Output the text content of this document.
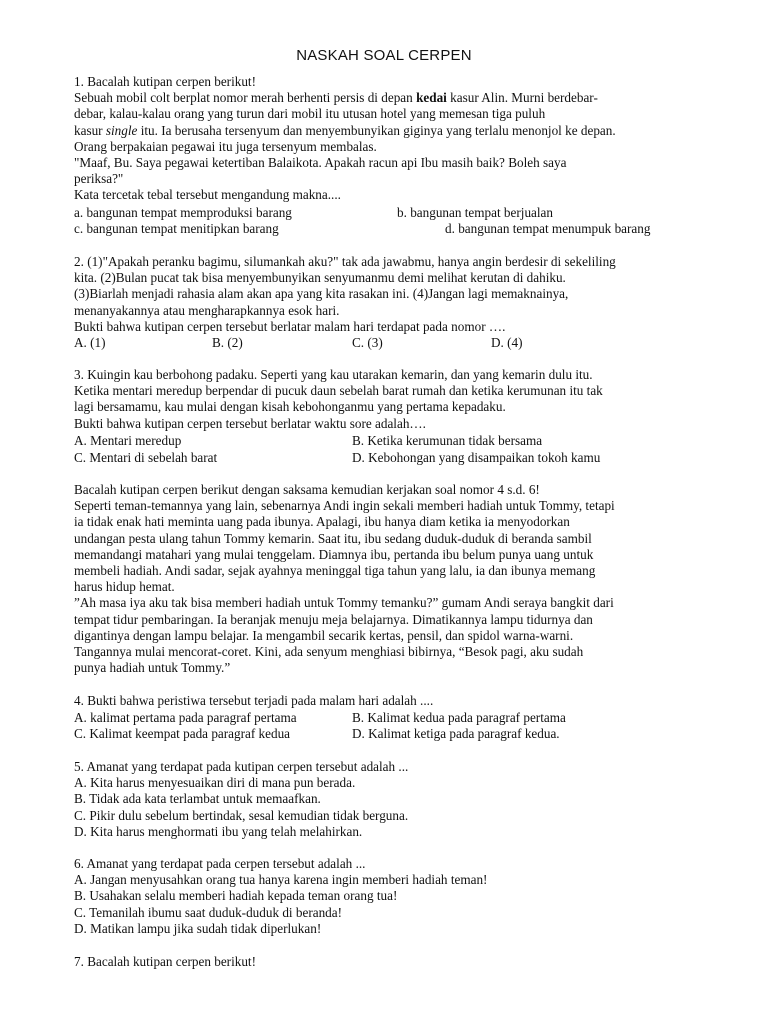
NASKAH SOAL CERPEN
1. Bacalah kutipan cerpen berikut!
Sebuah mobil colt berplat nomor merah berhenti persis di depan kedai kasur Alin. Murni berdebar-
debar, kalau-kalau orang yang turun dari mobil itu utusan hotel yang memesan tiga puluh
kasur single itu. Ia berusaha tersenyum dan menyembunyikan giginya yang terlalu menonjol ke depan.
Orang berpakaian pegawai itu juga tersenyum membalas.
"Maaf, Bu. Saya pegawai ketertiban Balaikota. Apakah racun api Ibu masih baik? Boleh saya
periksa?"
Kata tercetak tebal tersebut mengandung makna....
a. bangunan tempat memproduksi barang	b. bangunan tempat berjualan
c. bangunan tempat menitipkan barang	d. bangunan tempat menumpuk barang
2. (1)"Apakah peranku bagimu, silumankah aku?" tak ada jawabmu, hanya angin berdesir di sekeliling
kita. (2)Bulan pucat tak bisa menyembunyikan senyumanmu demi melihat kerutan di dahiku.
(3)Biarlah menjadi rahasia alam akan apa yang kita rasakan ini. (4)Jangan lagi memaknainya,
menanyakannya atau mengharapkannya esok hari.
Bukti bahwa kutipan cerpen tersebut berlatar malam hari terdapat pada nomor ….
A. (1)	B. (2)	C. (3)	D. (4)
3. Kuingin kau berbohong padaku. Seperti yang kau utarakan kemarin, dan yang kemarin dulu itu.
Ketika mentari meredup berpendar di pucuk daun sebelah barat rumah dan ketika kerumunan itu tak
lagi bersamamu, kau mulai dengan kisah kebohonganmu yang pertama kepadaku.
Bukti bahwa kutipan cerpen tersebut berlatar waktu sore adalah….
A. Mentari meredup	B. Ketika kerumunan tidak bersama
C. Mentari di sebelah barat	D. Kebohongan yang disampaikan tokoh kamu
Bacalah kutipan cerpen berikut dengan saksama kemudian kerjakan soal nomor 4 s.d. 6!
Seperti teman-temannya yang lain, sebenarnya Andi ingin sekali memberi hadiah untuk Tommy, tetapi
ia tidak enak hati meminta uang pada ibunya. Apalagi, ibu hanya diam ketika ia menyodorkan
undangan pesta ulang tahun Tommy kemarin. Saat itu, ibu sedang duduk-duduk di beranda sambil
memandangi matahari yang mulai tenggelam. Diamnya ibu, pertanda ibu belum punya uang untuk
membeli hadiah. Andi sadar, sejak ayahnya meninggal tiga tahun yang lalu, ia dan ibunya memang
harus hidup hemat.
”Ah masa iya aku tak bisa memberi hadiah untuk Tommy temanku?” gumam Andi seraya bangkit dari
tempat tidur pembaringan. Ia beranjak menuju meja belajarnya. Dimatikannya lampu tidurnya dan
digantinya dengan lampu belajar. Ia mengambil secarik kertas, pensil, dan spidol warna-warni.
Tangannya mulai mencorat-coret. Kini, ada senyum menghiasi bibirnya, “Besok pagi, aku sudah
punya hadiah untuk Tommy.”
4. Bukti bahwa peristiwa tersebut terjadi pada malam hari adalah ....
A. kalimat pertama pada paragraf pertama	B. Kalimat kedua pada paragraf pertama
C. Kalimat keempat pada paragraf kedua	D. Kalimat ketiga pada paragraf kedua.
5. Amanat yang terdapat pada kutipan cerpen tersebut adalah ...
A. Kita harus menyesuaikan diri di mana pun berada.
B. Tidak ada kata terlambat untuk memaafkan.
C. Pikir dulu sebelum bertindak, sesal kemudian tidak berguna.
D. Kita harus menghormati ibu yang telah melahirkan.
6. Amanat yang terdapat pada cerpen tersebut adalah ...
A. Jangan menyusahkan orang tua hanya karena ingin memberi hadiah teman!
B. Usahakan selalu memberi hadiah kepada teman orang tua!
C. Temanilah ibumu saat duduk-duduk di beranda!
D. Matikan lampu jika sudah tidak diperlukan!
7. Bacalah kutipan cerpen berikut!
